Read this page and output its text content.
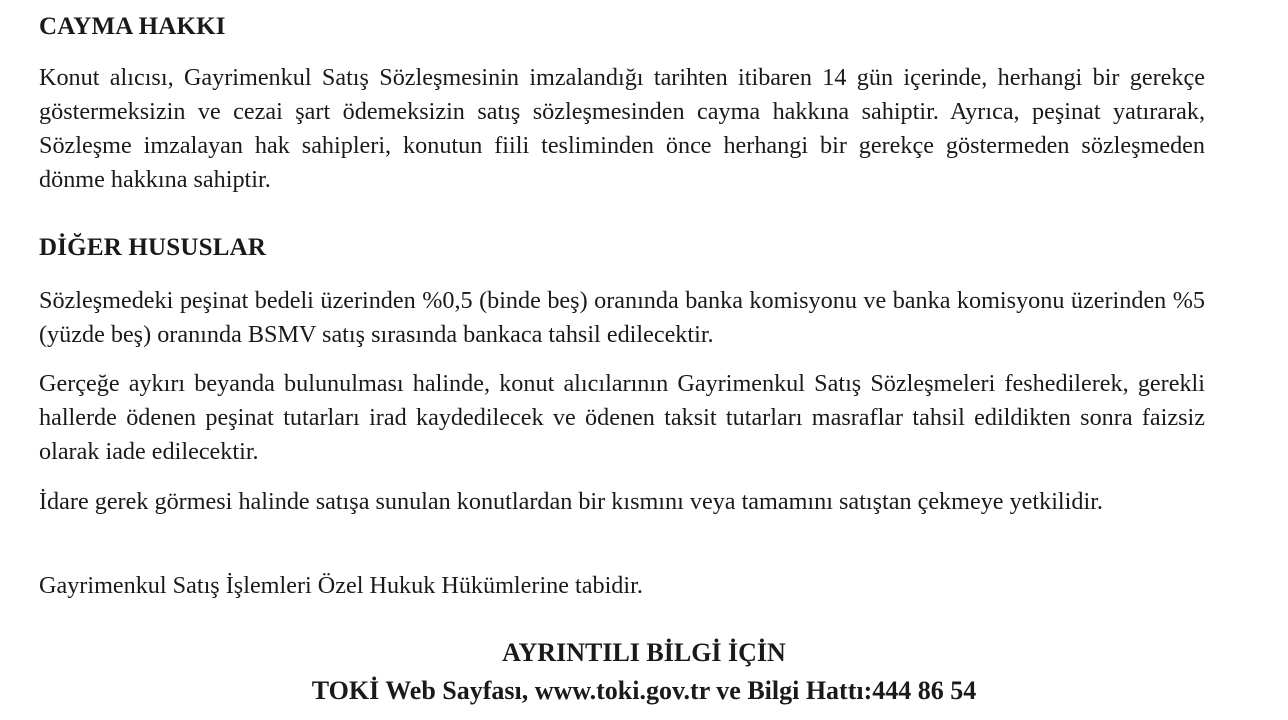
CAYMA HAKKI

Konut alıcısı, Gayrimenkul Satış Sözleşmesinin imzalandığı tarihten itibaren 14 gün içerinde, herhangi bir gerekçe göstermeksizin ve cezai şart ödemeksizin satış sözleşmesinden cayma hakkına sahiptir. Ayrıca, peşinat yatırarak, Sözleşme imzalayan hak sahipleri, konutun fiili tesliminden önce herhangi bir gerekçe göstermeden sözleşmeden dönme hakkına sahiptir.

DİĞER HUSUSLAR

Sözleşmedeki peşinat bedeli üzerinden %0,5 (binde beş) oranında banka komisyonu ve banka komisyonu üzerinden %5 (yüzde beş) oranında BSMV satış sırasında bankaca tahsil edilecektir.

Gerçeğe aykırı beyanda bulunulması halinde, konut alıcılarının Gayrimenkul Satış Sözleşmeleri feshedilerek, gerekli hallerde ödenen peşinat tutarları irad kaydedilecek ve ödenen taksit tutarları masraflar tahsil edildikten sonra faizsiz olarak iade edilecektir.

İdare gerek görmesi halinde satışa sunulan konutlardan bir kısmını veya tamamını satıştan çekmeye yetkilidir.

Gayrimenkul Satış İşlemleri Özel Hukuk Hükümlerine tabidir.

AYRINTILI BİLGİ İÇİN
TOKİ Web Sayfası, www.toki.gov.tr ve Bilgi Hattı:444 86 54
